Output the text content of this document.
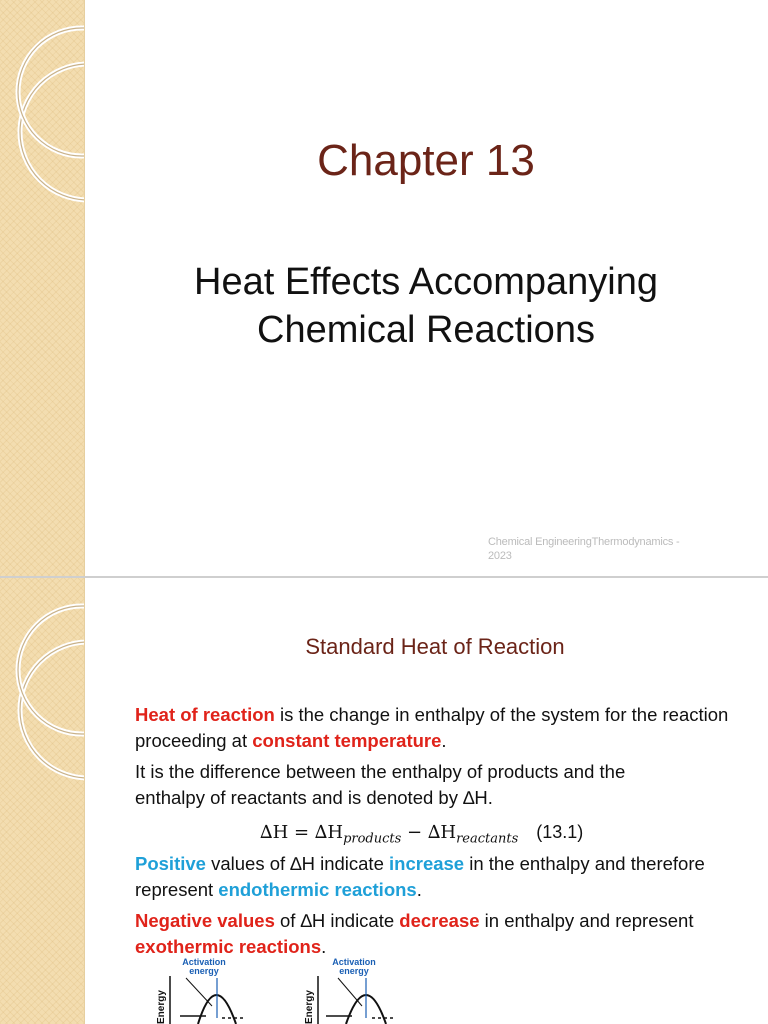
Chapter 13
Heat Effects Accompanying
Chemical Reactions
Chemical EngineeringThermodynamics -
2023
Standard Heat of Reaction
Heat of reaction is the change in enthalpy of the system for the reaction proceeding at constant temperature.
It is the difference between the enthalpy of products and the
enthalpy of reactants and is denoted by ∆H.
$\Delta H = \Delta H_{products} - \Delta H_{reactants}$ (13.1)
Positive values of ∆H indicate increase in the enthalpy and therefore represent endothermic reactions.
Negative values of ∆H indicate decrease in enthalpy and represent exothermic reactions.
Activation
energy
Energy
Activation
energy
Energy
